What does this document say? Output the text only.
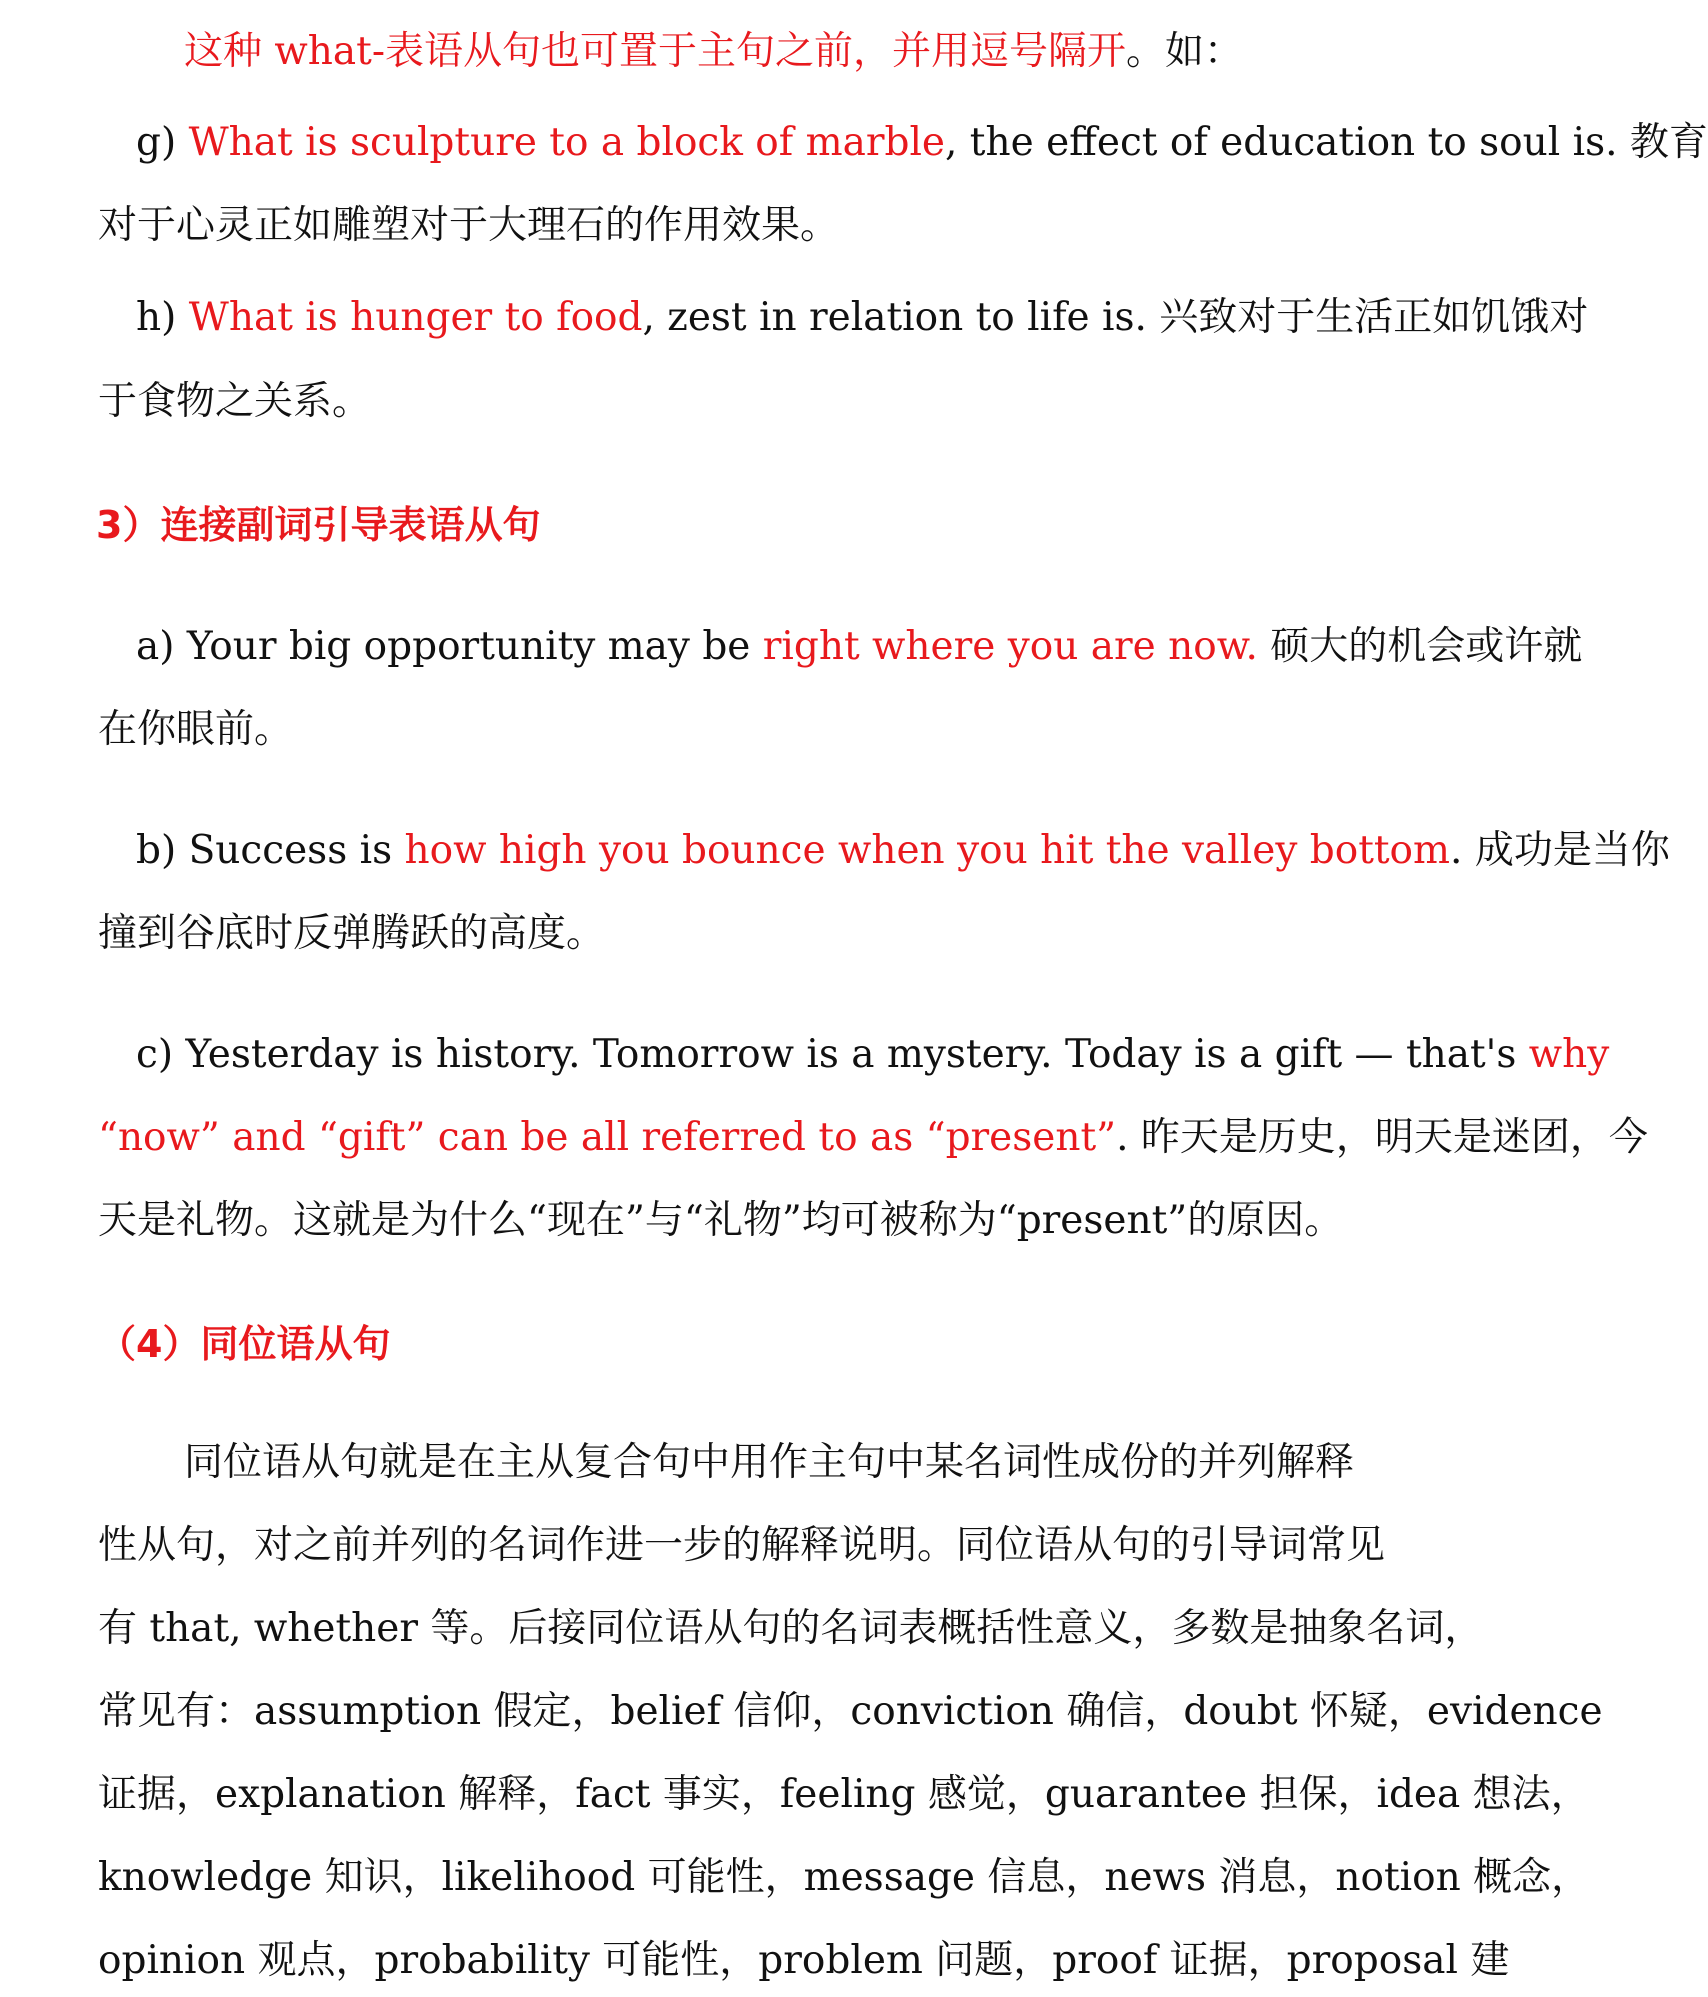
这种 what-表语从句也可置于主句之前，并用逗号隔开。如：
g) What is sculpture to a block of marble, the effect of education to soul is. 教育
对于心灵正如雕塑对于大理石的作用效果。
h) What is hunger to food, zest in relation to life is. 兴致对于生活正如饥饿对
于食物之关系。
3）连接副词引导表语从句
a) Your big opportunity may be right where you are now. 硕大的机会或许就
在你眼前。
b) Success is how high you bounce when you hit the valley bottom. 成功是当你
撞到谷底时反弹腾跃的高度。
c) Yesterday is history. Tomorrow is a mystery. Today is a gift — that's why
“now” and “gift” can be all referred to as “present”. 昨天是历史，明天是迷团，今
天是礼物。这就是为什么“现在”与“礼物”均可被称为“present”的原因。
（4）同位语从句
同位语从句就是在主从复合句中用作主句中某名词性成份的并列解释
性从句，对之前并列的名词作进一步的解释说明。同位语从句的引导词常见
有 that, whether 等。后接同位语从句的名词表概括性意义，多数是抽象名词，
常见有：assumption 假定，belief 信仰，conviction 确信，doubt 怀疑，evidence
证据，explanation 解释，fact 事实，feeling 感觉，guarantee 担保，idea 想法，
knowledge 知识，likelihood 可能性，message 信息，news 消息，notion 概念，
opinion 观点，probability 可能性，problem 问题，proof 证据，proposal 建
